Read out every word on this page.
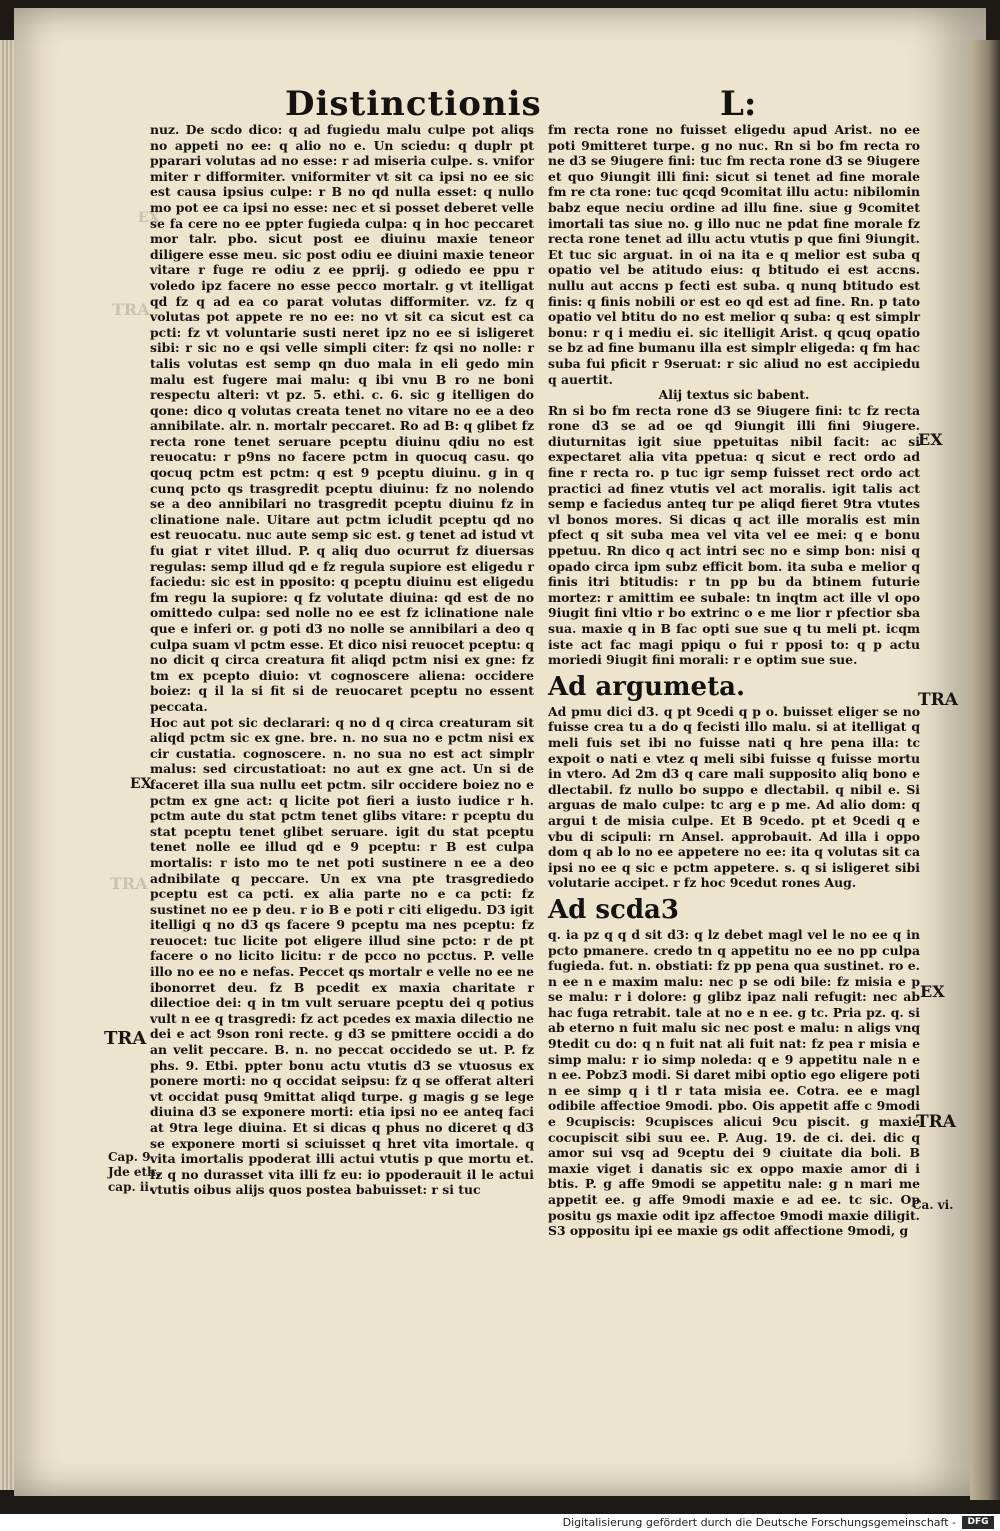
Distinctionis	L:

nuz. De scdo dico: q ad fugiedu malu culpe pot aliqs no appeti no ee: q alio no e. Un sciedu: q duplr pt pparari volutas ad no esse: r ad miseria culpe. s. vnifor miter r difformiter. vniformiter vt sit ca ipsi no ee sic est causa ipsius culpe: r B no qd nulla esset: q nullo mo pot ee ca ipsi no esse: nec et si posset deberet velle se fa cere no ee ppter fugieda culpa: q in hoc peccaret mor talr. pbo. sicut post ee diuinu maxie teneor diligere esse meu. sic post odiu ee diuini maxie teneor vitare r fuge re odiu z ee pprij. g odiedo ee ppu r voledo ipz facere no esse pecco mortalr. g vt itelligat qd fz q ad ea co parat volutas difformiter. vz. fz q volutas pot appete re no ee: no vt sit ca sicut est ca pcti: fz vt voluntarie susti neret ipz no ee si isligeret sibi: r sic no e qsi velle simpli citer: fz qsi no nolle: r talis volutas est semp qn duo mala in eli gedo min malu est fugere mai malu: q ibi vnu B ro ne boni respectu alteri: vt pz. 5. ethi. c. 6. sic g itelligen do qone: dico q volutas creata tenet no vitare no ee a deo annibilate. alr. n. mortalr peccaret. Ro ad B: q glibet fz recta rone tenet seruare pceptu diuinu qdiu no est reuocatu: r p9ns no facere pctm in quocuq casu. qo qocuq pctm est pctm: q est 9 pceptu diuinu. g in q cunq pcto qs trasgredit pceptu diuinu: fz no nolendo se a deo annibilari no trasgredit pceptu diuinu fz in clinatione nale. Uitare aut pctm icludit pceptu qd no est reuocatu. nuc aute semp sic est. g tenet ad istud vt fu giat r vitet illud. P. q aliq duo ocurrut fz diuersas regulas: semp illud qd e fz regula supiore est eligedu r faciedu: sic est in pposito: q pceptu diuinu est eligedu fm regu la supiore: q fz volutate diuina: qd est de no omittedo culpa: sed nolle no ee est fz iclinatione nale que e inferi or. g poti d3 no nolle se annibilari a deo q culpa suam vl pctm esse. Et dico nisi reuocet pceptu: q no dicit q circa creatura fit aliqd pctm nisi ex gne: fz tm ex pcepto diuio: vt cognoscere aliena: occidere boiez: q il la si fit si de reuocaret pceptu no essent peccata.

Hoc aut pot sic declarari: q no d q circa creaturam sit aliqd pctm sic ex gne. bre. n. no sua no e pctm nisi ex cir custatia. cognoscere. n. no sua no est act simplr malus: sed circustatioat: no aut ex gne act. Un si de faceret illa sua nullu eet pctm. silr occidere boiez no e pctm ex gne act: q licite pot fieri a iusto iudice r h. pctm aute du stat pctm tenet glibs vitare: r pceptu du stat pceptu tenet glibet seruare. igit du stat pceptu tenet nolle ee illud qd e 9 pceptu: r B est culpa mortalis: r isto mo te net poti sustinere n ee a deo adnibilate q peccare. Un ex vna pte trasgrediedo pceptu est ca pcti. ex alia parte no e ca pcti: fz sustinet no ee p deu. r io B e poti r citi eligedu. D3 igit itelligi q no d3 qs facere 9 pceptu ma nes pceptu: fz reuocet: tuc licite pot eligere illud sine pcto: r de pt facere o no licito licitu: r de pcco no pcctus. P. velle illo no ee no e nefas. Peccet qs mortalr e velle no ee ne ibonorret deu. fz B pcedit ex maxia charitate r dilectioe dei: q in tm vult seruare pceptu dei q potius vult n ee q trasgredi: fz act pcedes ex maxia dilectio ne dei e act 9son roni recte. g d3 se pmittere occidi a do an velit peccare. B. n. no peccat occidedo se ut. P. fz phs. 9. Etbi. ppter bonu actu vtutis d3 se vtuosus ex ponere morti: no q occidat seipsu: fz q se offerat alteri vt occidat pusq 9mittat aliqd turpe. g magis g se lege diuina d3 se exponere morti: etia ipsi no ee anteq faci at 9tra lege diuina. Et si dicas q phus no diceret q d3 se exponere morti si sciuisset q hret vita imortale. q vita imortalis ppoderat illi actui vtutis p que mortu et. fz q no durasset vita illi fz eu: io ppoderauit il le actui vtutis oibus alijs quos postea babuisset: r si tuc

fm recta rone no fuisset eligedu apud Arist. no ee poti 9mitteret turpe. g no nuc. Rn si bo fm recta ro ne d3 se 9iugere fini: tuc fm recta rone d3 se 9iugere et quo 9iungit illi fini: sicut si tenet ad fine morale fm re cta rone: tuc qcqd 9comitat illu actu: nibilomin babz eque neciu ordine ad illu fine. siue g 9comitet imortali tas siue no. g illo nuc ne pdat fine morale fz recta rone tenet ad illu actu vtutis p que fini 9iungit. Et tuc sic arguat. in oi na ita e q melior est suba q opatio vel be atitudo eius: q btitudo ei est accns. nullu aut accns p fecti est suba. q nunq btitudo est finis: q finis nobili or est eo qd est ad fine. Rn. p tato opatio vel btitu do no est melior q suba: q est simplr bonu: r q i mediu ei. sic itelligit Arist. q qcuq opatio se bz ad fine bumanu illa est simplr eligeda: q fm hac suba fui pficit r 9seruat: r sic aliud no est accipiedu q auertit.

Alij textus sic babent.

Rn si bo fm recta rone d3 se 9iugere fini: tc fz recta rone d3 se ad oe qd 9iungit illi fini 9iugere. diuturnitas igit siue ppetuitas nibil facit: ac si expectaret alia vita ppetua: q sicut e rect ordo ad fine r recta ro. p tuc igr semp fuisset rect ordo act practici ad finez vtutis vel act moralis. igit talis act semp e faciedus anteq tur pe aliqd fieret 9tra vtutes vl bonos mores. Si dicas q act ille moralis est min pfect q sit suba mea vel vita vel ee mei: q e bonu ppetuu. Rn dico q act intri sec no e simp bon: nisi q opado circa ipm subz efficit bom. ita suba e melior q finis itri btitudis: r tn pp bu da btinem futurie mortez: r amittim ee subale: tn inqtm act ille vl opo 9iugit fini vltio r bo extrinc o e me lior r pfectior sba sua. maxie q in B fac opti sue sue q tu meli pt. icqm iste act fac magi ppiqu o fui r pposi to: q p actu moriedi 9iugit fini morali: r e optim sue sue.

Ad argumeta.

Ad pmu dici d3. q pt 9cedi q p o. buisset eliger se no fuisse crea tu a do q fecisti illo malu. si at itelligat q meli fuis set ibi no fuisse nati q hre pena illa: tc expoit o nati e vtez q meli sibi fuisse q fuisse mortu in vtero. Ad 2m d3 q care mali supposito aliq bono e dlectabil. fz nullo bo suppo e dlectabil. q nibil e. Si arguas de malo culpe: tc arg e p me. Ad alio dom: q argui t de misia culpe. Et B 9cedo. pt et 9cedi q e vbu di scipuli: rn Ansel. approbauit. Ad illa i oppo dom q ab lo no ee appetere no ee: ita q volutas sit ca ipsi no ee q sic e pctm appetere. s. q si isligeret sibi volutarie accipet. r fz hoc 9cedut rones Aug.

Ad scda3

q. ia pz q q d sit d3: q lz debet magl vel le no ee q in pcto pmanere. credo tn q appetitu no ee no pp culpa fugieda. fut. n. obstiati: fz pp pena qua sustinet. ro e. n ee n e maxim malu: nec p se odi bile: fz misia e p se malu: r i dolore: g glibz ipaz nali refugit: nec ab hac fuga retrabit. tale at no e n ee. g tc. Pria pz. q. si ab eterno n fuit malu sic nec post e malu: n aligs vnq 9tedit cu do: q n fuit nat ali fuit nat: fz pea r misia e simp malu: r io simp noleda: q e 9 appetitu nale n e n ee. Pobz3 modi. Si daret mibi optio ego eligere poti n ee simp q i tl r tata misia ee. Cotra. ee e magl odibile affectioe 9modi. pbo. Ois appetit affe c 9modi e 9cupiscis: 9cupisces alicui 9cu piscit. g maxie cocupiscit sibi suu ee. P. Aug. 19. de ci. dei. dic q amor sui vsq ad 9ceptu dei 9 ciuitate dia boli. B maxie viget i danatis sic ex oppo maxie amor di i btis. P. g affe 9modi se appetitu nale: g n mari me appetit ee. g affe 9modi maxie e ad ee. tc sic. Op positu gs maxie odit ipz affectoe 9modi maxie diligit. S3 oppositu ipi ee maxie gs odit affectione 9modi, g

EX
TRA
EX
TRA
TRA
Cap. 9.
Jde eth.
cap. ii.
EX
TRA
EX
TRA
Ca. vi.
Digitalisierung gefördert durch die Deutsche Forschungsgemeinschaft -	DFG
